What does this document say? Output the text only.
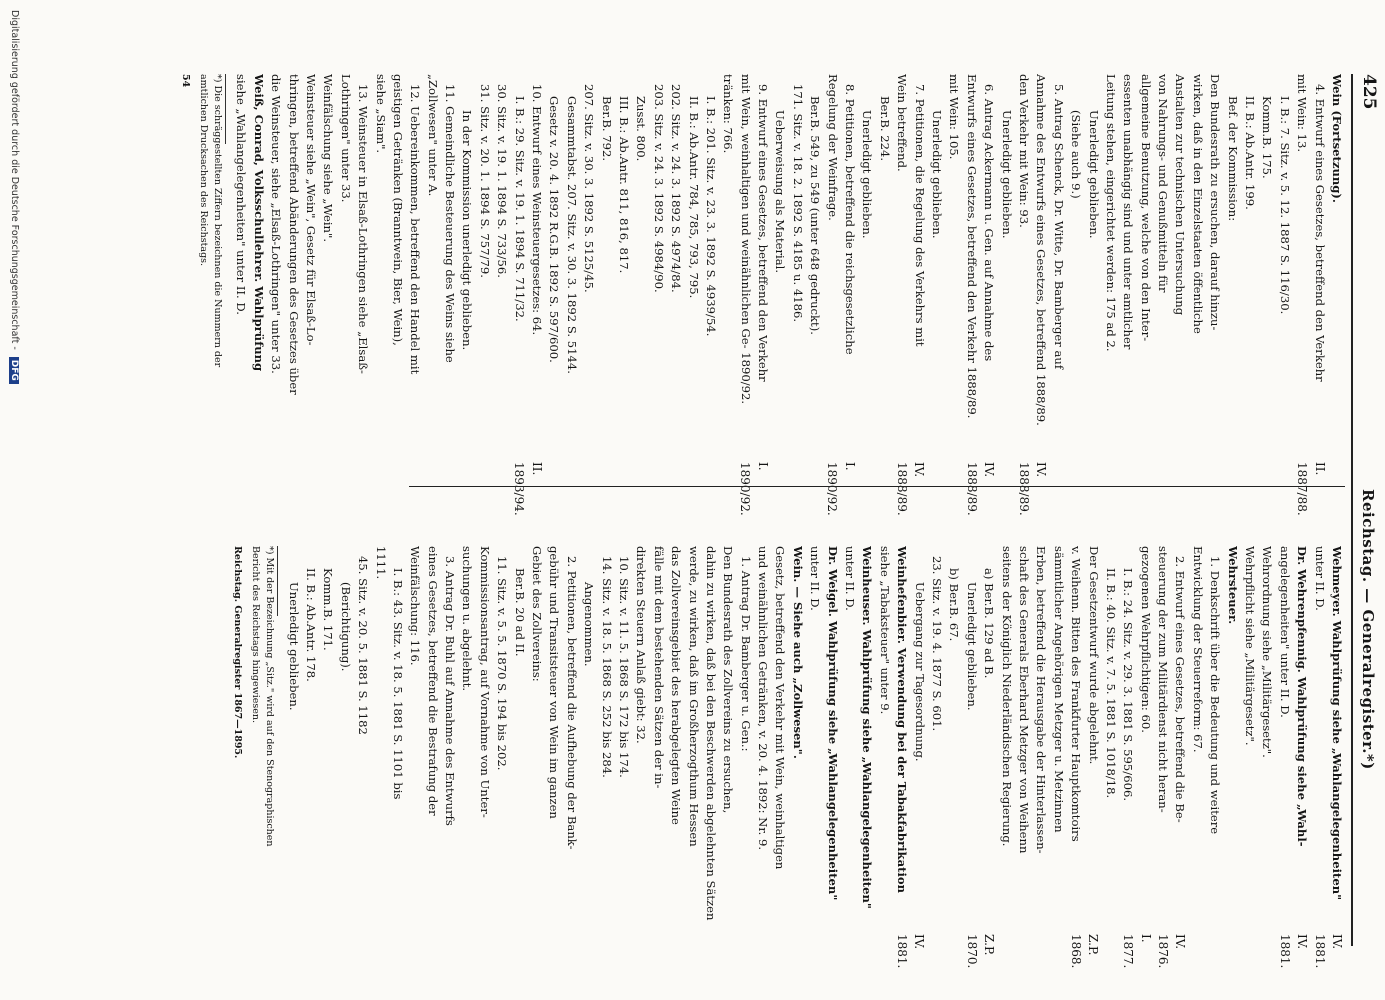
425
Reichstag. — Generalregister.*)
Wein (Fortsetzung).
4. Entwurf eines Gesetzes, betreffend den Verkehr
mit Wein: 13.
I. B.: 7. Sitz. v. 5. 12. 1887 S. 116/30.
Komm.B. 175.
II. B.: Ab.Antr. 199.
Bef. der Kommission:
Den Bundesrath zu ersuchen, darauf hinzu-
wirken, daß in den Einzelstaaten öffentliche
Anstalten zur technischen Untersuchung
von Nahrungs- und Genußmitteln für
allgemeine Benutzung, welche von den Inter-
essenten unabhängig sind und unter amtlicher
Leitung stehen, eingerichtet werden: 175 ad 2.
Unerledigt geblieben.
(Siehe auch 9.)
5. Antrag Schenck, Dr. Witte, Dr. Bamberger auf
Annahme des Entwurfs eines Gesetzes, betreffend 1888/89.
den Verkehr mit Wein: 93.
Unerledigt geblieben.
6. Antrag Ackermann u. Gen. auf Annahme des
Entwurfs eines Gesetzes, betreffend den Verkehr 1888/89.
mit Wein: 105.
Unerledigt geblieben.
7. Petitionen, die Regelung des Verkehrs mit
Wein betreffend.
Ber.B. 224.
Unerledigt geblieben.
8. Petitionen, betreffend die reichsgesetzliche
Regelung der Weinfrage.
Ber.B. 549, zu 549 (unter 648 gedruckt).
171. Sitz. v. 18. 2. 1892 S. 4185 u. 4186.
Ueberweisung als Material.
9. Entwurf eines Gesetzes, betreffend den Verkehr
mit Wein, weinhaltigen und weinähnlichen Ge- 1890/92.
tränken: 766.
I. B.: 201. Sitz. v. 23. 3. 1892 S. 4939/54.
II. B.: Ab.Antr. 784, 785, 793, 795.
202. Sitz. v. 24. 3. 1892 S. 4974/84.
203. Sitz. v. 24. 3. 1892 S. 4984/90.
Zusst. 800.
III. B.: Ab.Antr. 811, 816, 817.
Ber.B. 792.
207. Sitz. v. 30. 3. 1892 S. 5125/45.
Gesammtabst. 207. Sitz. v. 30. 3. 1892 S. 5144.
Gesetz v. 20. 4. 1892 R.G.B. 1892 S. 597/600.
10. Entwurf eines Weinsteuergesetzes: 64.
I. B.: 29. Sitz. v. 19. 1. 1894 S. 711/32.
30. Sitz. v. 19. 1. 1894 S. 733/56.
31. Sitz. v. 20. 1. 1894 S. 757/79.
In der Kommission unerledigt geblieben.
11. Gemeindliche Besteuerung des Weins siehe
„Zollwesen" unter A.
12. Uebereinkommen, betreffend den Handel mit
geistigen Getränken (Branntwein, Bier, Wein),
siehe „Siam".
13. Weinsteuer in Elsaß-Lothringen siehe „Elsaß-
Lothringen" unter 33.
Weinfälschung siehe „Wein".
Weinsteuer siehe „Wein", Gesetz für Elsaß-Lo-
thringen, betreffend Abänderungen des Gesetzes über
die Weinsteuer, siehe „Elsaß-Lothringen" unter 33.
Weiß, Conrad, Volksschullehrer. Wahlprüfung
siehe „Wahlangelegenheiten" unter II. D.
*) Die schräggestellten Ziffern bezeichnen die Nummern der
amtlichen Drucksachen des Reichstags.
54
II.
1887/88.
IV.
1888/89.
IV.
1888/89.
IV.
1888/89.
I.
1890/92.
I.
1890/92.
II.
1893/94.
Wehmeyer. Wahlprüfung siehe „Wahlangelegenheiten"
unter II. D.
Dr. Wehrenpfennig. Wahlprüfung siehe „Wahl-
angelegenheiten" unter II. D.
Wehrordnung siehe „Militärgesetz".
Wehrpflicht siehe „Militärgesetz".
Wehrsteuer.
1. Denkschrift über die Bedeutung und weitere
Entwicklung der Steuerreform: 67.
2. Entwurf eines Gesetzes, betreffend die Be-
steuerung der zum Militärdienst nicht heran-
gezogenen Wehrpflichtigen: 60.
I. B.: 24. Sitz. v. 29. 3. 1881 S. 595/606.
II. B.: 40. Sitz. v. 7. 5. 1881 S. 1018/18.
Der Gesetzentwurf wurde abgelehnt.
v. Weihenn. Bitten des Frankfurter Hauptkomtoirs
sämmtlicher Angehörigen Metzger u. Metzinnen
Erben, betreffend die Herausgabe der Hinterlassen-
schaft des Generals Eberhard Metzger von Weihenn
seitens der Königlich Niederländischen Regierung.
a) Ber.B. 129 ad B.
Unerledigt geblieben.
b) Ber.B. 67.
23. Sitz. v. 19. 4. 1877 S. 601.
Uebergang zur Tagesordnung.
Weinhefenbier. Verwendung bei der Tabakfabrikation
siehe „Tabaksteuer" unter 9.
Weinheuser. Wahlprüfung siehe „Wahlangelegenheiten"
unter II. D.
Dr. Weigel. Wahlprüfung siehe „Wahlangelegenheiten"
unter II. D.
Wein. — Siehe auch „Zollwesen".
Gesetz, betreffend den Verkehr mit Wein, weinhaltigen
und weinähnlichen Getränken, v. 20. 4. 1892: Nr. 9.
1. Antrag Dr. Bamberger u. Gen.:
Den Bundesrath des Zollvereins zu ersuchen,
dahin zu wirken, daß bei den Beschwerden abgelehnten Sätzen
werde, zu wirken, daß im Großherzogthum Hessen
das Zollvereinsgebiet des herabgelegten Weine
fälle mit dem bestehenden Sätzen der in-
direkten Steuern Anlaß giebt: 32.
10. Sitz. v. 11. 5. 1868 S. 172 bis 174.
14. Sitz. v. 18. 5. 1868 S. 252 bis 284.
Angenommen.
2. Petitionen, betreffend die Aufhebung der Bank-
gebühr und Transitsteuer von Wein im ganzen
Gebiet des Zollvereins:
Ber.B. 20 ad II.
11. Sitz. v. 5. 5. 1870 S. 194 bis 202.
Kommissionsantrag, auf Vornahme von Unter-
suchungen u. abgelehnt.
3. Antrag Dr. Buhl auf Annahme des Entwurfs
eines Gesetzes, betreffend die Bestrafung der
Weinfälschung: 116.
I. B.: 43. Sitz. v. 18. 5. 1881 S. 1101 bis
1111.
45. Sitz. v. 20. 5. 1881 S. 1182
(Berichtigung).
Komm.B. 171.
II. B.: Ab.Antr. 178.
Unerledigt geblieben.
*) Mit der Bezeichnung „Sitz." wird auf den Stenographischen
Bericht des Reichstags hingewiesen.
Reichstag. Generalregister 1867—1895.
IV.
1881.
IV.
1881.
IV.
1876.
I.
1877.
Z.P.
1868.
Z.P.
1870.
IV.
1881.
Digitalisierung gefördert durch die Deutsche Forschungsgemeinschaft - DFG
